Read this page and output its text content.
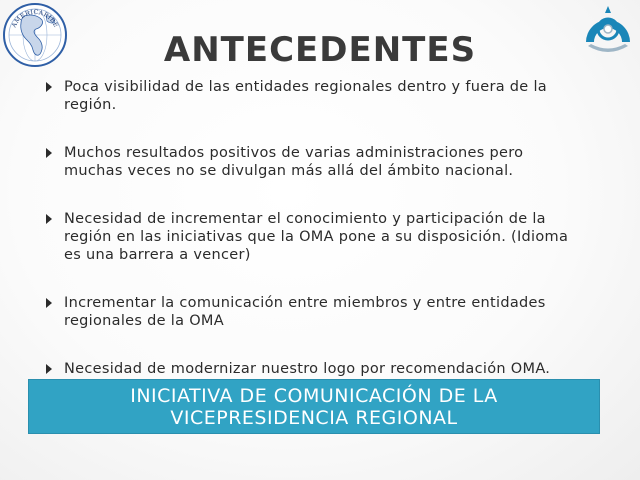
AMERICARIBE
ANTECEDENTES
Poca visibilidad de las entidades regionales dentro y fuera de la región.
Muchos resultados positivos de varias administraciones pero muchas veces no se divulgan más allá del ámbito nacional.
Necesidad de incrementar el conocimiento y participación de la región en las iniciativas que la OMA pone a su disposición. (Idioma es una barrera a vencer)
Incrementar la comunicación entre miembros y entre entidades regionales de la OMA
Necesidad de modernizar nuestro logo por recomendación OMA.
INICIATIVA DE COMUNICACIÓN DE LA
VICEPRESIDENCIA REGIONAL
